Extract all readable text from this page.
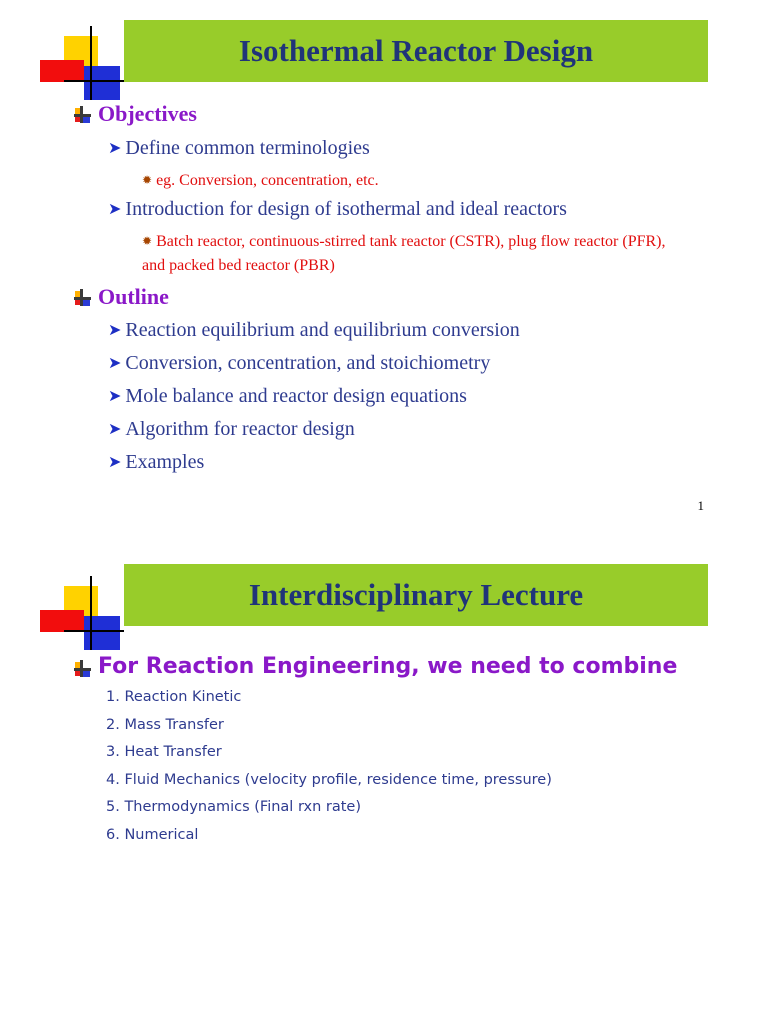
Isothermal Reactor Design
Objectives
➤ Define common terminologies
✹ eg. Conversion, concentration, etc.
➤ Introduction for design of isothermal and ideal reactors
✹ Batch reactor, continuous-stirred tank reactor (CSTR), plug flow reactor (PFR), and packed bed reactor (PBR)
Outline
➤ Reaction equilibrium and equilibrium conversion
➤ Conversion, concentration, and stoichiometry
➤ Mole balance and reactor design equations
➤ Algorithm for reactor design
➤ Examples
1
Interdisciplinary Lecture
For Reaction Engineering, we need to combine
1. Reaction Kinetic
2. Mass Transfer
3. Heat Transfer
4. Fluid Mechanics (velocity profile, residence time, pressure)
5. Thermodynamics (Final rxn rate)
6. Numerical
